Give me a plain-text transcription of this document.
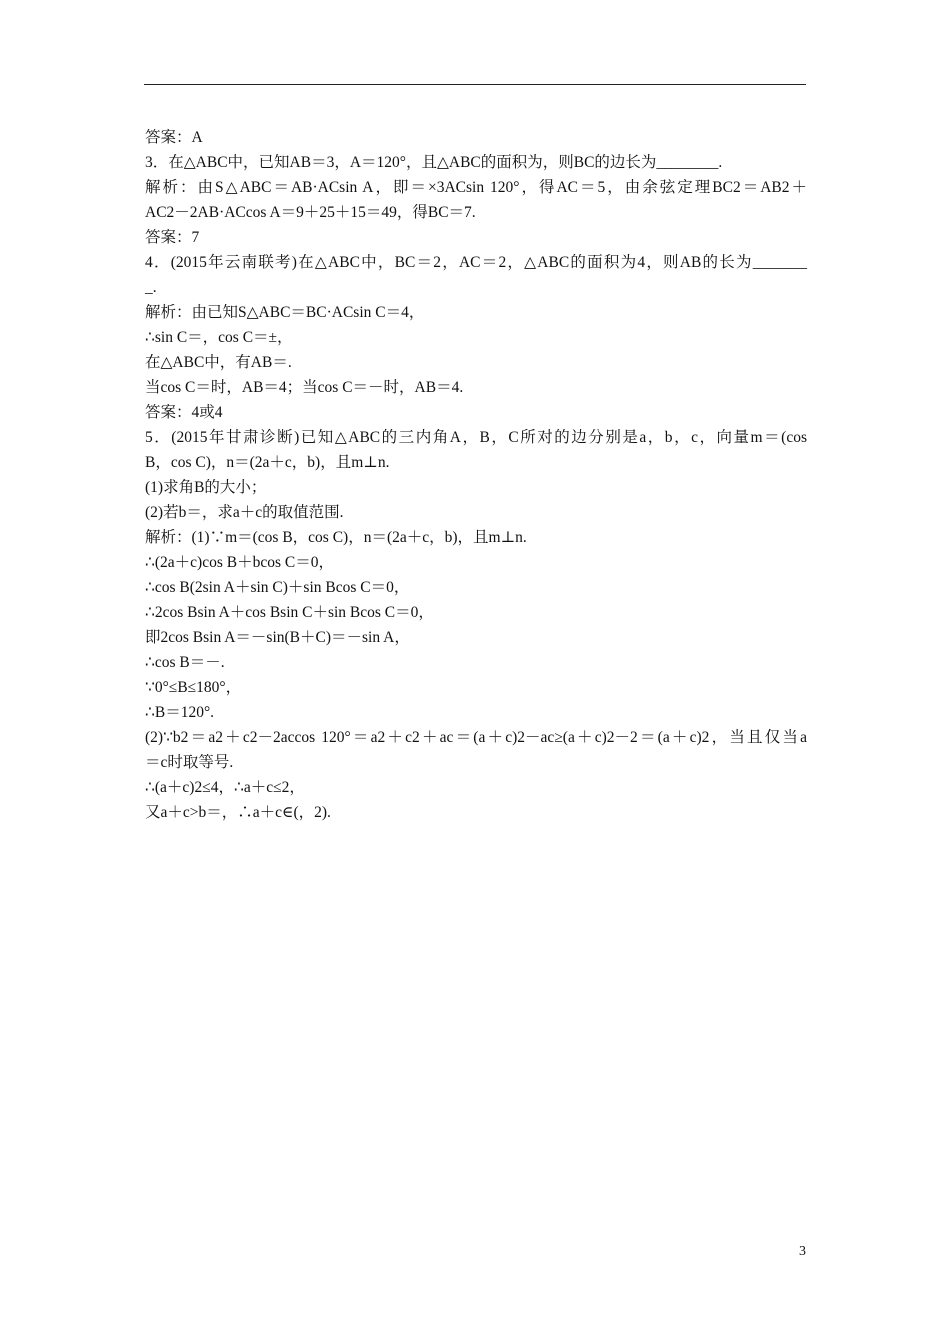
答案：A
3．在△ABC中，已知AB＝3，A＝120°，且△ABC的面积为，则BC的边长为________.
解析：由S△ABC＝AB·ACsin A，即＝×3ACsin 120°，得AC＝5，由余弦定理BC2＝AB2＋
AC2－2AB·ACcos A＝9＋25＋15＝49，得BC＝7.
答案：7
4．(2015年云南联考)在△ABC中，BC＝2，AC＝2，△ABC的面积为4，则AB的长为_______
_.
解析：由已知S△ABC＝BC·ACsin C＝4，
∴sin C＝，cos C＝±，
在△ABC中，有AB＝.
当cos C＝时，AB＝4；当cos C＝－时，AB＝4.
答案：4或4
5．(2015年甘肃诊断)已知△ABC的三内角A，B，C所对的边分别是a，b，c，向量m＝(cos
B，cos C)，n＝(2a＋c，b)，且m⊥n.
(1)求角B的大小；
(2)若b＝，求a＋c的取值范围.
解析：(1)∵m＝(cos B，cos C)，n＝(2a＋c，b)，且m⊥n.
∴(2a＋c)cos B＋bcos C＝0，
∴cos B(2sin A＋sin C)＋sin Bcos C＝0，
∴2cos Bsin A＋cos Bsin C＋sin Bcos C＝0，
即2cos Bsin A＝－sin(B＋C)＝－sin A，
∴cos B＝－.
∵0°≤B≤180°，
∴B＝120°.
(2)∵b2＝a2＋c2－2accos 120°＝a2＋c2＋ac＝(a＋c)2－ac≥(a＋c)2－2＝(a＋c)2，当且仅当a
＝c时取等号.
∴(a＋c)2≤4，∴a＋c≤2，
又a＋c>b＝，∴a＋c∈(，2).
3
